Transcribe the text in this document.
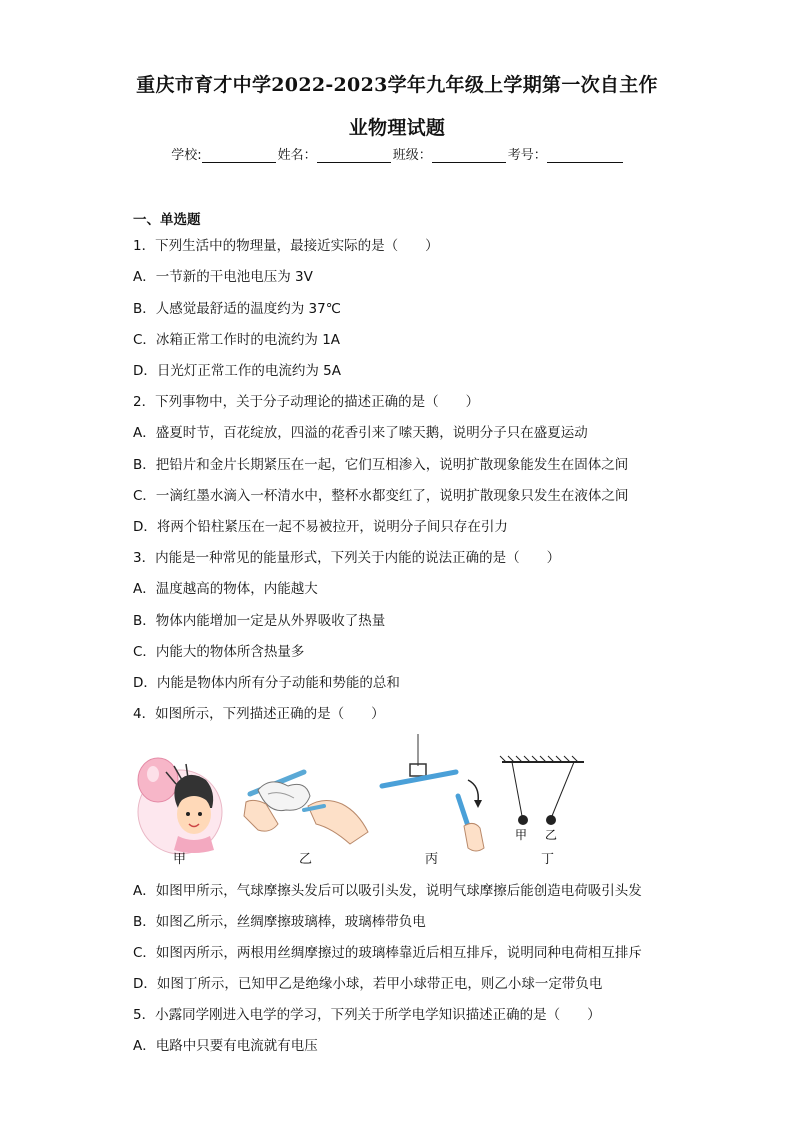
重庆市育才中学2022-2023学年九年级上学期第一次自主作
业物理试题
学校:	姓名：	班级：	考号：
一、单选题
1．下列生活中的物理量，最接近实际的是（　　）
A．一节新的干电池电压为 3V
B．人感觉最舒适的温度约为 37℃
C．冰箱正常工作时的电流约为 1A
D．日光灯正常工作的电流约为 5A
2．下列事物中，关于分子动理论的描述正确的是（　　）
A．盛夏时节，百花绽放，四溢的花香引来了嗦天鹅，说明分子只在盛夏运动
B．把铅片和金片长期紧压在一起，它们互相渗入，说明扩散现象能发生在固体之间
C．一滴红墨水滴入一杯清水中，整杯水都变红了，说明扩散现象只发生在液体之间
D．将两个铅柱紧压在一起不易被拉开，说明分子间只存在引力
3．内能是一种常见的能量形式，下列关于内能的说法正确的是（　　）
A．温度越高的物体，内能越大
B．物体内能增加一定是从外界吸收了热量
C．内能大的物体所含热量多
D．内能是物体内所有分子动能和势能的总和
4．如图所示，下列描述正确的是（　　）
甲 乙
甲	乙	丙	丁
A．如图甲所示，气球摩擦头发后可以吸引头发，说明气球摩擦后能创造电荷吸引头发
B．如图乙所示，丝绸摩擦玻璃棒，玻璃棒带负电
C．如图丙所示，两根用丝绸摩擦过的玻璃棒靠近后相互排斥，说明同种电荷相互排斥
D．如图丁所示，已知甲乙是绝缘小球，若甲小球带正电，则乙小球一定带负电
5．小露同学刚进入电学的学习，下列关于所学电学知识描述正确的是（　　）
A．电路中只要有电流就有电压
